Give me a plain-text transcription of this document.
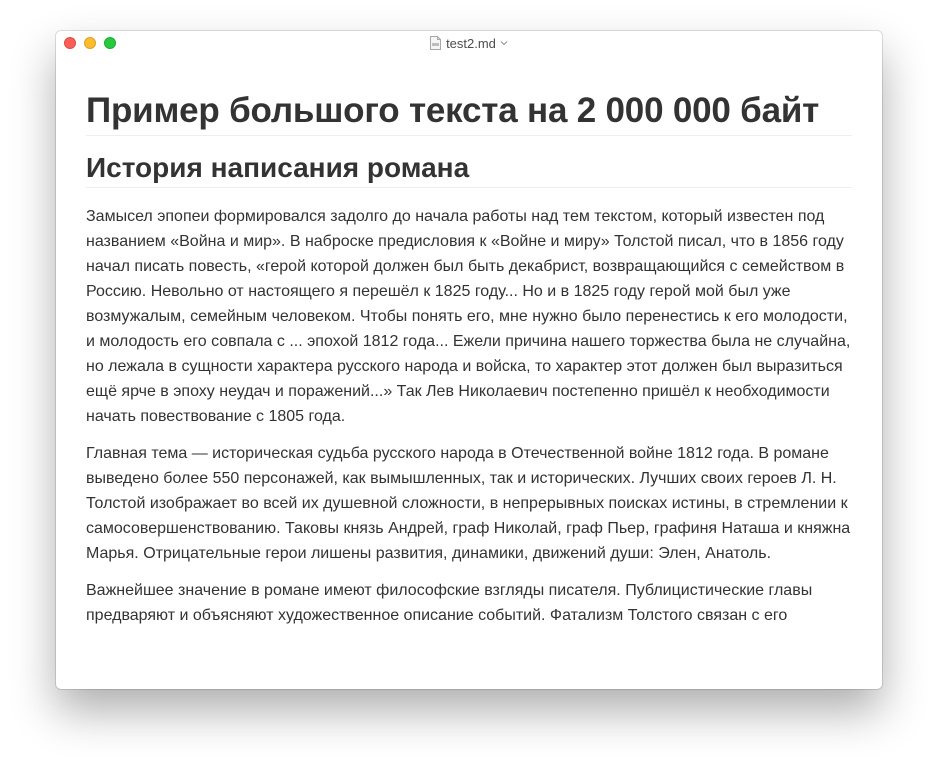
test2.md
Пример большого текста на 2 000 000 байт
История написания романа

Замысел эпопеи формировался задолго до начала работы над тем текстом, который известен под названием «Война и мир». В наброске предисловия к «Войне и миру» Толстой писал, что в 1856 году начал писать повесть, «герой которой должен был быть декабрист, возвращающийся с семейством в Россию. Невольно от настоящего я перешёл к 1825 году... Но и в 1825 году герой мой был уже возмужалым, семейным человеком. Чтобы понять его, мне нужно было перенестись к его молодости, и молодость его совпала с ... эпохой 1812 года... Ежели причина нашего торжества была не случайна, но лежала в сущности характера русского народа и войска, то характер этот должен был выразиться ещё ярче в эпоху неудач и поражений...» Так Лев Николаевич постепенно пришёл к необходимости начать повествование с 1805 года.

Главная тема — историческая судьба русского народа в Отечественной войне 1812 года. В романе выведено более 550 персонажей, как вымышленных, так и исторических. Лучших своих героев Л. Н. Толстой изображает во всей их душевной сложности, в непрерывных поисках истины, в стремлении к самосовершенствованию. Таковы князь Андрей, граф Николай, граф Пьер, графиня Наташа и княжна Марья. Отрицательные герои лишены развития, динамики, движений души: Элен, Анатоль.

Важнейшее значение в романе имеют философские взгляды писателя. Публицистические главы предваряют и объясняют художественное описание событий. Фатализм Толстого связан с его
